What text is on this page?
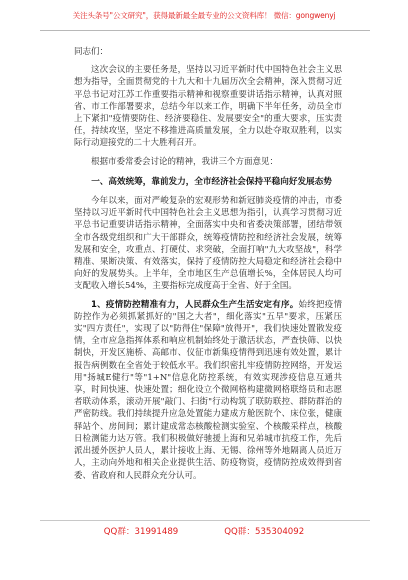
关注头条号"公文研究"，获得最新最全最专业的公文资料库！ 微信：gongwenyj

同志们：

这次会议的主要任务是，坚持以习近平新时代中国特色社会主义思想为指导，全面贯彻党的十九大和十九届历次全会精神，深入贯彻习近平总书记对江苏工作重要指示精神和视察重要讲话指示精神，认真对照省、市工作部署要求，总结今年以来工作，明确下半年任务，动员全市上下紧扣"疫情要防住、经济要稳住、发展要安全"的重大要求，压实责任，持续攻坚，坚定不移推进高质量发展，全力以赴夺取双胜利，以实际行动迎接党的二十大胜利召开。

根据市委常委会讨论的精神，我讲三个方面意见：

一、高效统筹，靠前发力，全市经济社会保持平稳向好发展态势

今年以来，面对严峻复杂的宏观形势和新冠肺炎疫情的冲击，市委坚持以习近平新时代中国特色社会主义思想为指引，认真学习贯彻习近平总书记重要讲话指示精神，全面落实中央和省委决策部署，团结带领全市各级党组织和广大干部群众，统筹疫情防控和经济社会发展，统筹发展和安全，攻重点、打硬仗、求突破，全面打响"九大攻坚战"，科学精准、果断决策、有效落实，保持了疫情防控大局稳定和经济社会稳中向好的发展势头。上半年，全市地区生产总值增长%，全体居民人均可支配收入增长54%，主要指标完成度高于全省、好于全国。

1、疫情防控精准有力，人民群众生产生活安定有序。始终把疫情防控作为必须抓紧抓好的"国之大者"，细化落实"五早"要求，压紧压实"四方责任"，实现了以"防得住"保障"放得开"，我们快速处置散发疫情，全市应急指挥体系和响应机制始终处于激活状态，严查快筛、以快制快，开发区施桥、高邮市、仪征市新集疫情得到迅速有效处置，累计报告病例数在全省处于较低水平。我们织密扎牢疫情防控网络，开发运用"扬城E健行"等"1+N"信息化防控系统，有效实现涉疫信息互通共享，时间快速、快速处置；细化设立个微网格构建微网格联络员和志愿者联动体系，滚动开展"敲门、扫街"行动构筑了联防联控、群防群治的严密防线。我们持续提升应急处置能力建成方舱医院个、床位张，健康驿站个、房间间；累计建成常态核酸检测实验室、个核酸采样点，核酸日检测能力达万管。我们积极做好驰援上海和兄弟城市抗疫工作，先后派出援外医护人员人，累计接收上海、无锡、徐州等外地隔离人员近万人，主动向外地和相关企业提供生活、防疫物资，疫情防控成效得到省委、省政府和人民群众充分认可。

QQ群：31991489	QQ群：535304092
